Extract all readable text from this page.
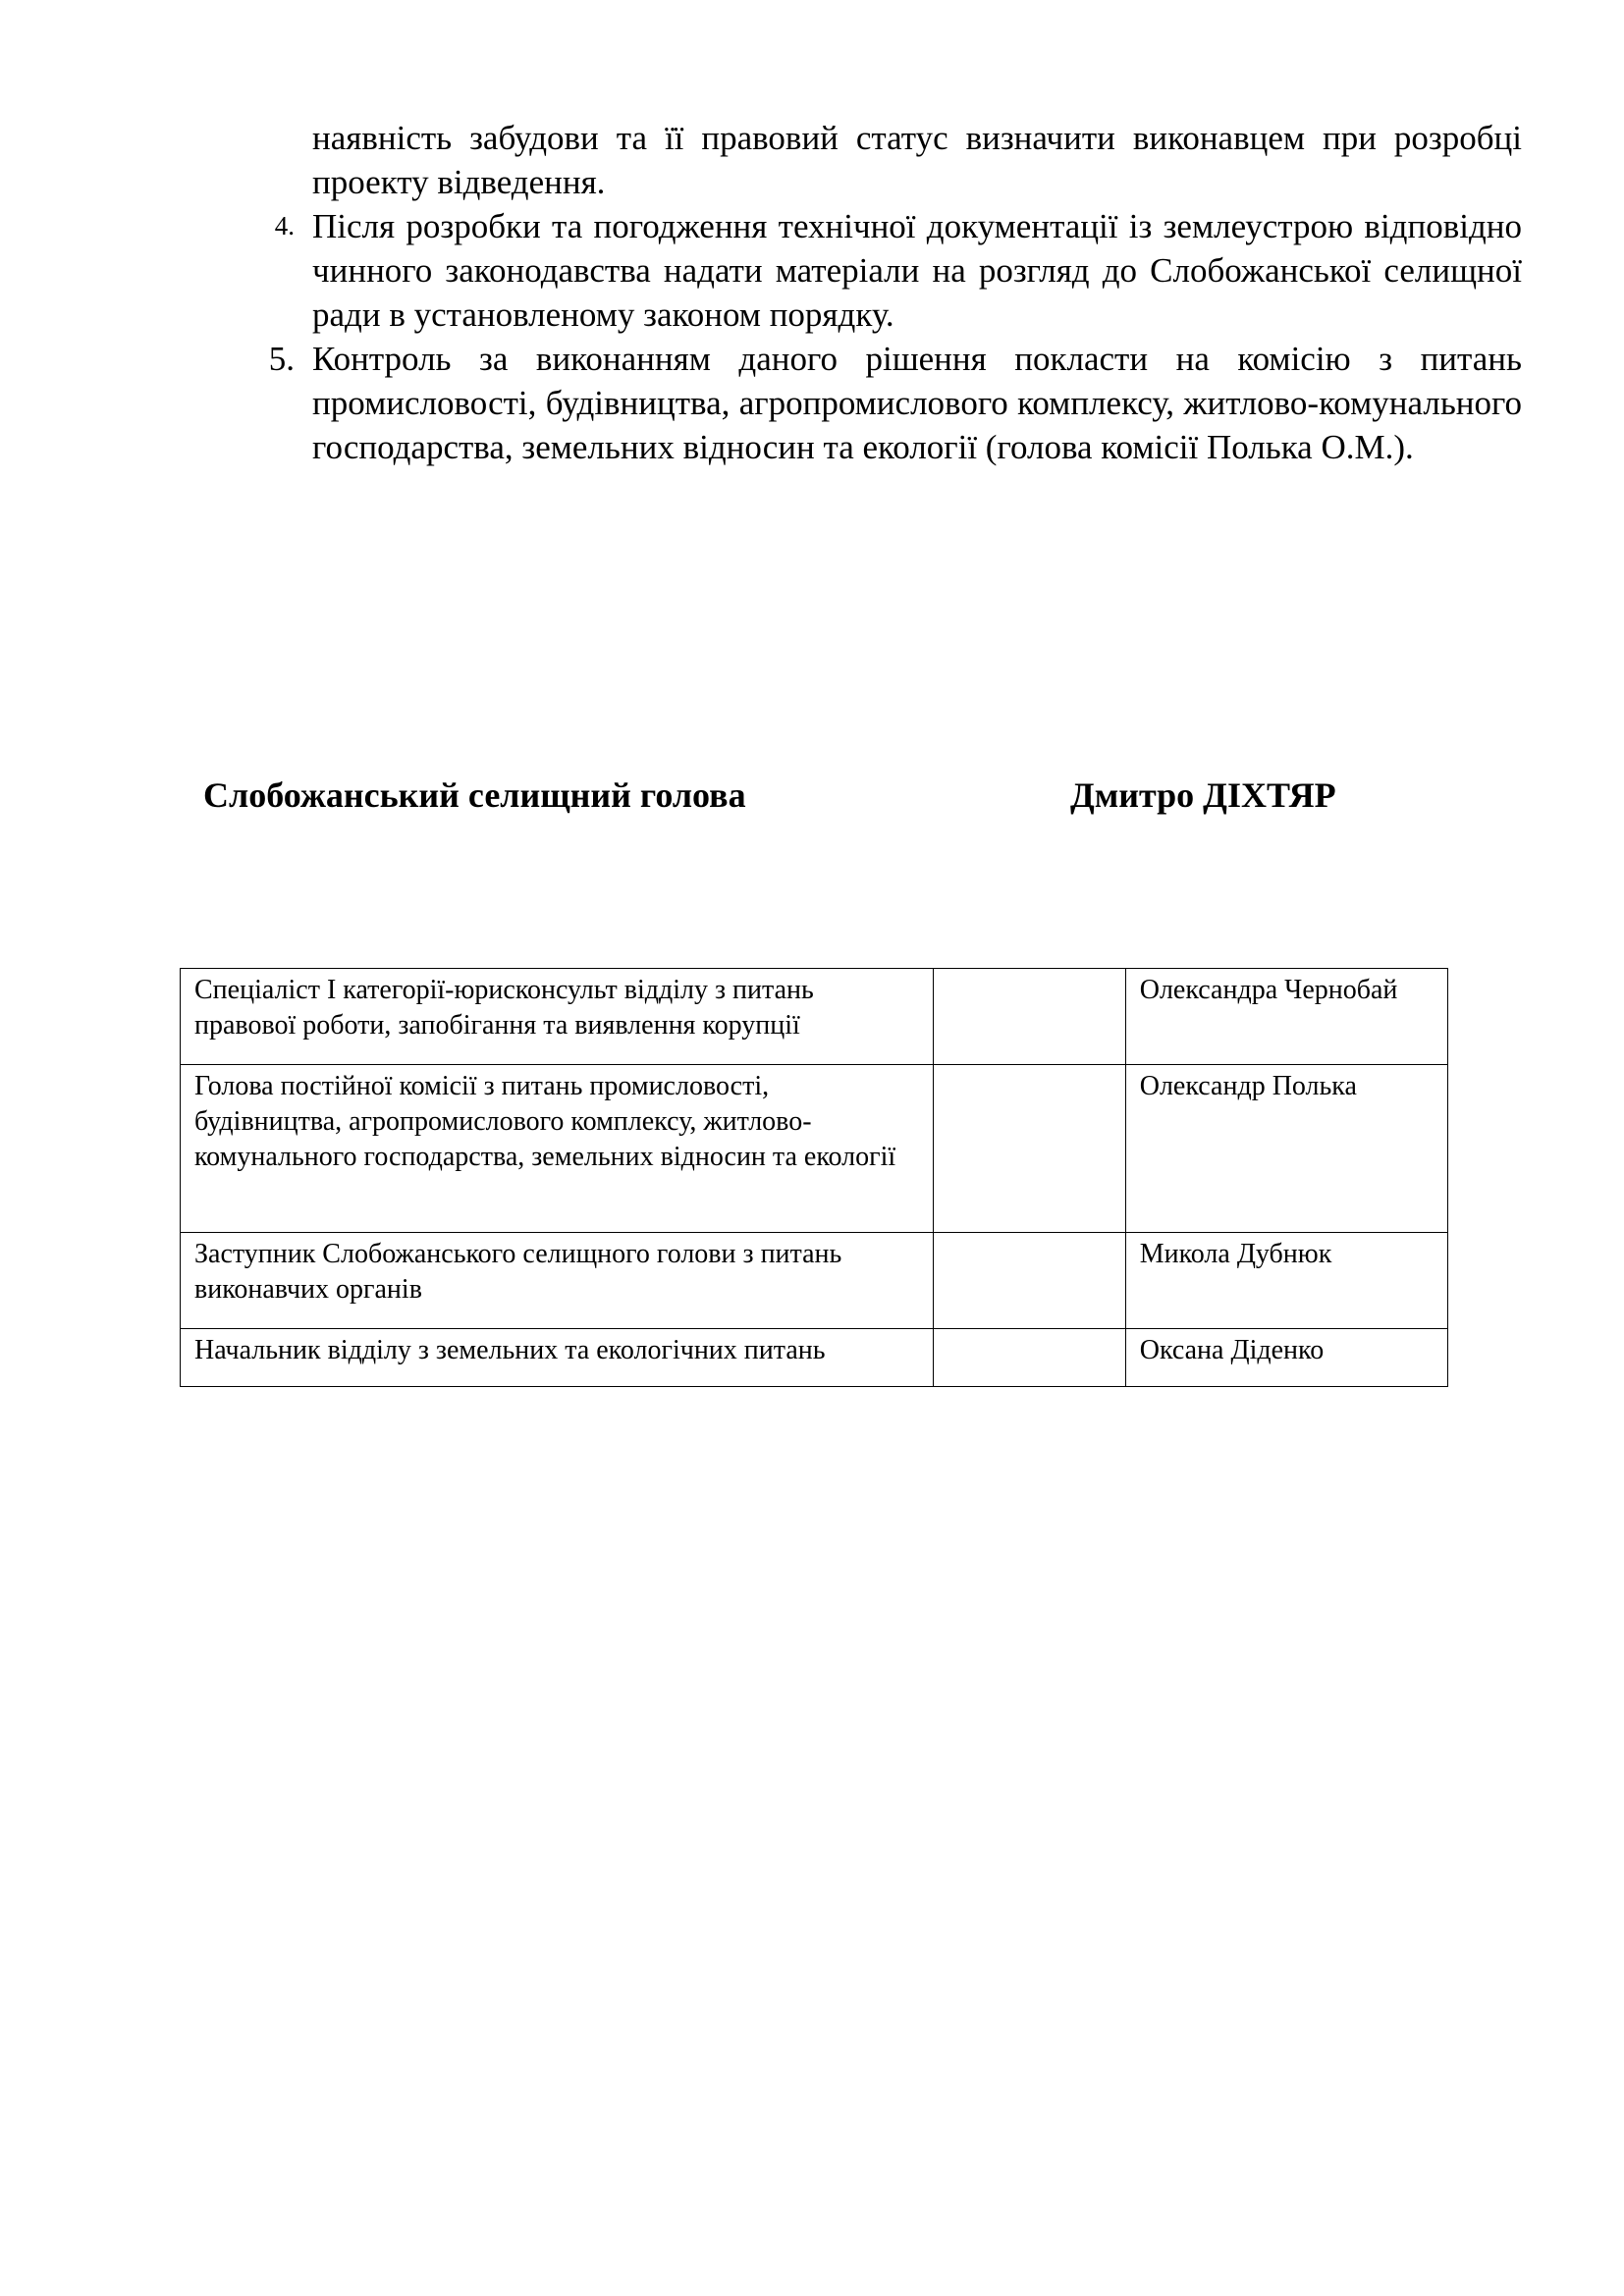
наявність забудови та її правовий статус визначити виконавцем при розробці проекту відведення.
4. Після розробки та погодження технічної документації із землеустрою відповідно чинного законодавства надати матеріали на розгляд до Слобожанської селищної ради в установленому законом порядку.
5. Контроль за виконанням даного рішення покласти на комісію з питань промисловості, будівництва, агропромислового комплексу, житлово-комунального господарства, земельних відносин та екології (голова комісії Полька О.М.).
Слобожанський селищний голова	Дмитро ДІХТЯР
Спеціаліст І категорії-юрисконсульт відділу з питань правової роботи, запобігання та виявлення корупції		Олександра Чернобай
Голова постійної комісії з питань промисловості, будівництва, агропромислового комплексу, житлово-комунального господарства, земельних відносин та екології		Олександр Полька
Заступник Слобожанського селищного голови з питань виконавчих органів		Микола Дубнюк
Начальник відділу з земельних та екологічних питань		Оксана Діденко
